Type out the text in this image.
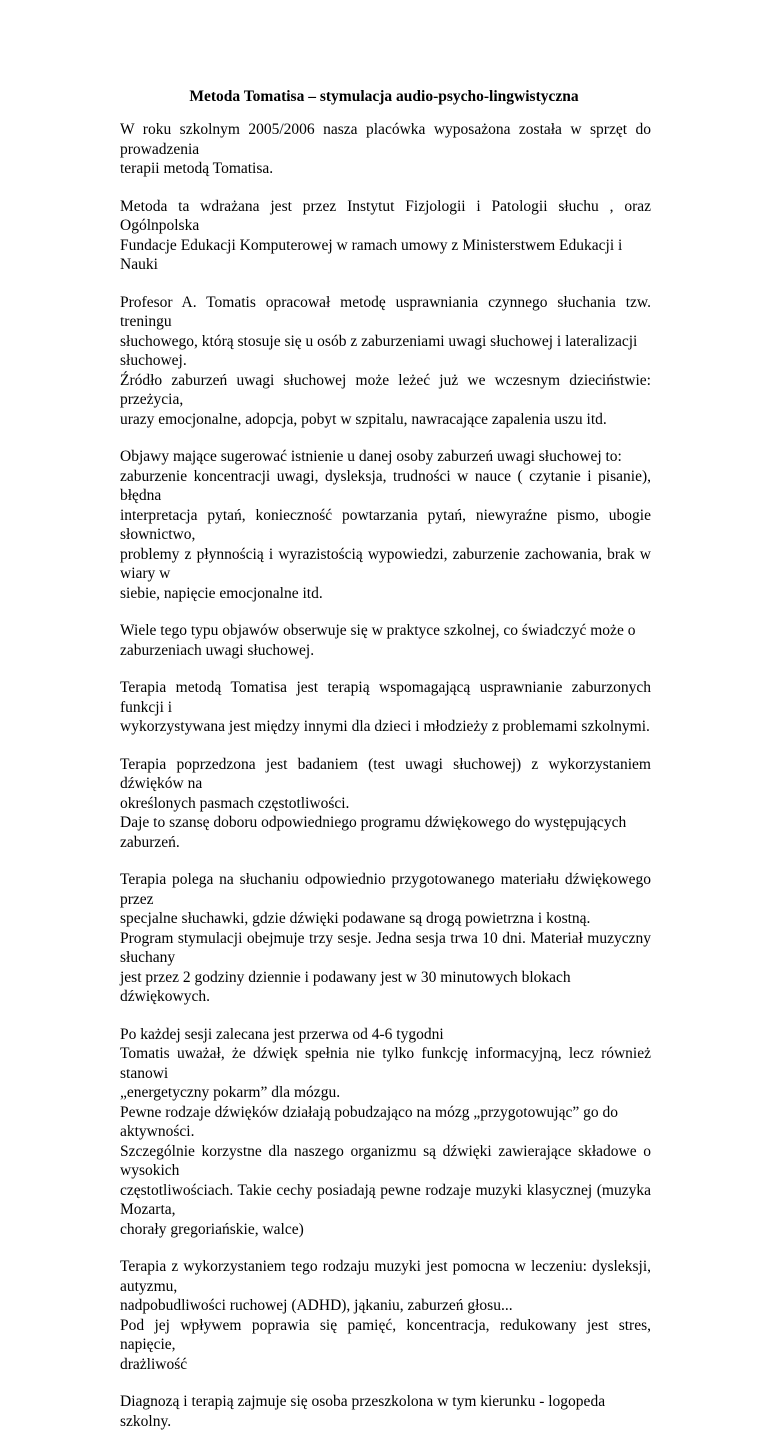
Metoda Tomatisa – stymulacja audio-psycho-lingwistyczna

W roku szkolnym 2005/2006 nasza placówka wyposażona została w sprzęt do prowadzenia
terapii metodą Tomatisa.

Metoda ta wdrażana jest przez Instytut Fizjologii i Patologii słuchu , oraz Ogólnpolska
Fundacje Edukacji Komputerowej w ramach umowy z Ministerstwem Edukacji i Nauki

Profesor A. Tomatis opracował metodę usprawniania czynnego słuchania tzw. treningu
słuchowego, którą stosuje się u osób z zaburzeniami uwagi słuchowej i lateralizacji
słuchowej.
Źródło zaburzeń uwagi słuchowej może leżeć już we wczesnym dzieciństwie: przeżycia,
urazy emocjonalne, adopcja, pobyt w szpitalu, nawracające zapalenia uszu itd.

Objawy mające sugerować istnienie u danej osoby zaburzeń uwagi słuchowej to:
zaburzenie koncentracji uwagi, dysleksja, trudności w nauce ( czytanie i pisanie), błędna
interpretacja pytań, konieczność powtarzania pytań, niewyraźne pismo, ubogie słownictwo,
problemy z płynnością i wyrazistością wypowiedzi, zaburzenie zachowania, brak w wiary w
siebie, napięcie emocjonalne itd.

Wiele tego typu objawów obserwuje się w praktyce szkolnej, co świadczyć może o
zaburzeniach uwagi słuchowej.

Terapia metodą Tomatisa jest terapią wspomagającą usprawnianie zaburzonych funkcji i
wykorzystywana jest między innymi dla dzieci i młodzieży z problemami szkolnymi.

Terapia poprzedzona jest badaniem (test uwagi słuchowej) z wykorzystaniem dźwięków na
określonych pasmach częstotliwości.
Daje to szansę doboru odpowiedniego programu dźwiękowego do występujących zaburzeń.

Terapia polega na słuchaniu odpowiednio przygotowanego materiału dźwiękowego przez
specjalne słuchawki, gdzie dźwięki podawane są drogą powietrzna i kostną.
Program stymulacji obejmuje trzy sesje. Jedna sesja trwa 10 dni. Materiał muzyczny słuchany
jest przez 2 godziny dziennie i podawany jest w 30 minutowych blokach dźwiękowych.

Po każdej sesji zalecana jest przerwa od 4-6 tygodni
Tomatis uważał, że dźwięk spełnia nie tylko funkcję informacyjną, lecz również stanowi
„energetyczny pokarm” dla mózgu.
Pewne rodzaje dźwięków działają pobudzająco na mózg „przygotowując” go do aktywności.
Szczególnie korzystne dla naszego organizmu są dźwięki zawierające składowe o wysokich
częstotliwościach. Takie cechy posiadają pewne rodzaje muzyki klasycznej (muzyka Mozarta,
chorały gregoriańskie, walce)

Terapia z wykorzystaniem tego rodzaju muzyki jest pomocna w leczeniu: dysleksji, autyzmu,
nadpobudliwości ruchowej (ADHD), jąkaniu, zaburzeń głosu...
Pod jej wpływem poprawia się pamięć, koncentracja, redukowany jest stres, napięcie,
drażliwość

Diagnozą i terapią zajmuje się osoba przeszkolona w tym kierunku - logopeda szkolny.
